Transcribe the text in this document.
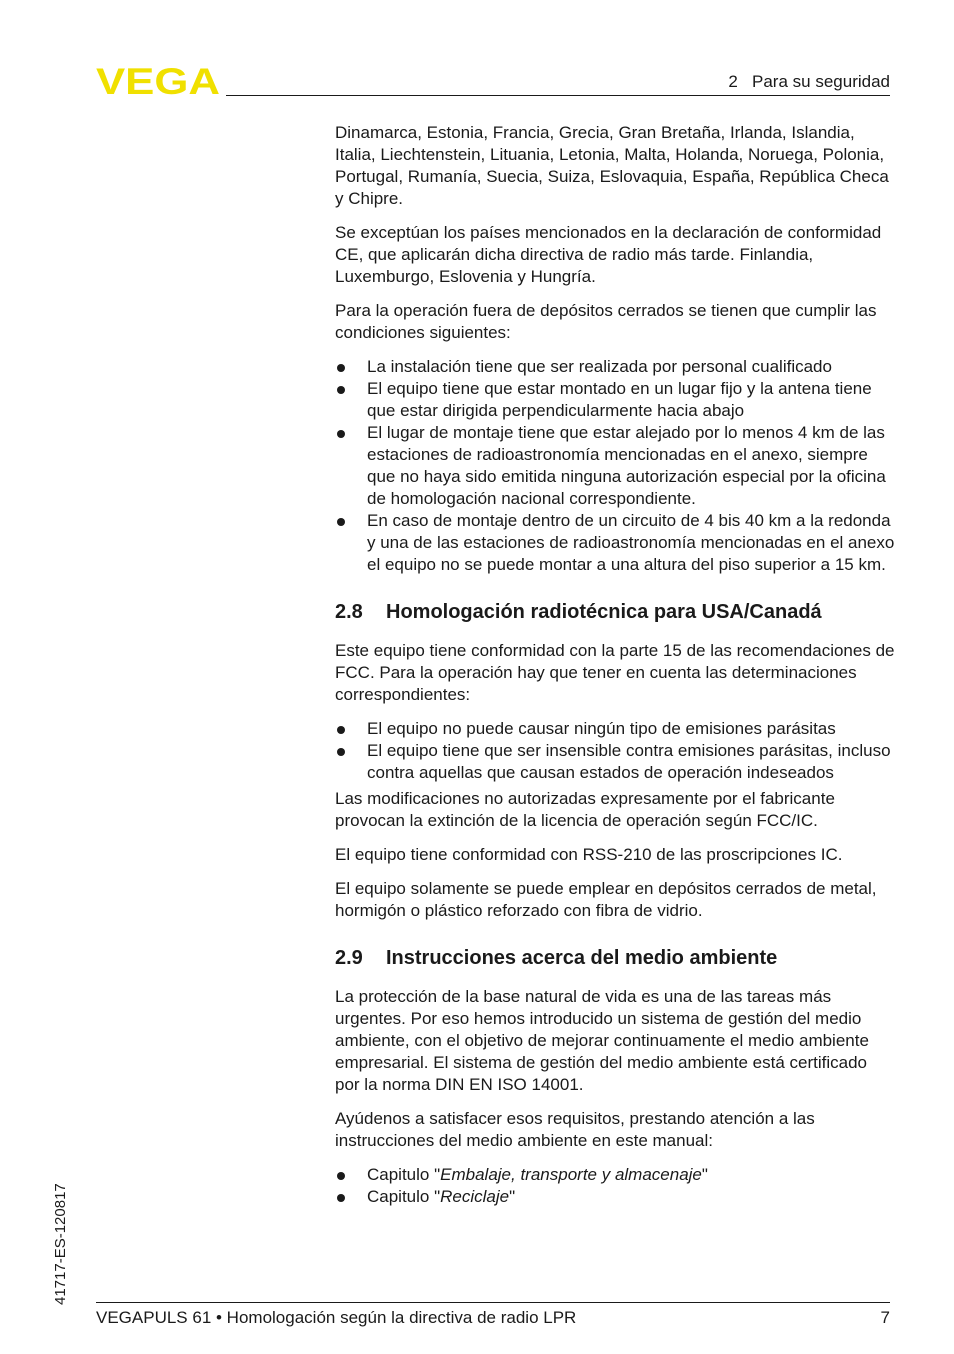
VEGA	2   Para su seguridad

Dinamarca, Estonia, Francia, Grecia, Gran Bretaña, Irlanda, Islandia, Italia, Liechtenstein, Lituania, Letonia, Malta, Holanda, Noruega, Polonia, Portugal, Rumanía, Suecia, Suiza, Eslovaquia, España, República Checa y Chipre.

Se exceptúan los países mencionados en la declaración de conformidad CE, que aplicarán dicha directiva de radio más tarde. Finlandia, Luxemburgo, Eslovenia y Hungría.

Para la operación fuera de depósitos cerrados se tienen que cumplir las condiciones siguientes:

La instalación tiene que ser realizada por personal cualificado
El equipo tiene que estar montado en un lugar fijo y la antena tiene que estar dirigida perpendicularmente hacia abajo
El lugar de montaje tiene que estar alejado por lo menos 4 km de las estaciones de radioastronomía mencionadas en el anexo, siempre que no haya sido emitida ninguna autorización especial por la oficina de homologación nacional correspondiente.
En caso de montaje dentro de un circuito de 4 bis 40 km a la redonda y una de las estaciones de radioastronomía mencionadas en el anexo el equipo no se puede montar a una altura del piso superior a 15 km.
2.8 Homologación radiotécnica para USA/Canadá

Este equipo tiene conformidad con la parte 15 de las recomendaciones de FCC. Para la operación hay que tener en cuenta las determinaciones correspondientes:

El equipo no puede causar ningún tipo de emisiones parásitas
El equipo tiene que ser insensible contra emisiones parásitas, incluso contra aquellas que causan estados de operación indeseados

Las modificaciones no autorizadas expresamente por el fabricante provocan la extinción de la licencia de operación según FCC/IC.

El equipo tiene conformidad con RSS-210 de las proscripciones IC.

El equipo solamente se puede emplear en depósitos cerrados de metal, hormigón o plástico reforzado con fibra de vidrio.

2.9 Instrucciones acerca del medio ambiente

La protección de la base natural de vida es una de las tareas más urgentes. Por eso hemos introducido un sistema de gestión del medio ambiente, con el objetivo de mejorar continuamente el medio ambiente empresarial. El sistema de gestión del medio ambiente está certificado por la norma DIN EN ISO 14001.

Ayúdenos a satisfacer esos requisitos, prestando atención a las instrucciones del medio ambiente en este manual:

Capitulo "Embalaje, transporte y almacenaje"
Capitulo "Reciclaje"
41717-ES-120817
VEGAPULS 61 • Homologación según la directiva de radio LPR	7
